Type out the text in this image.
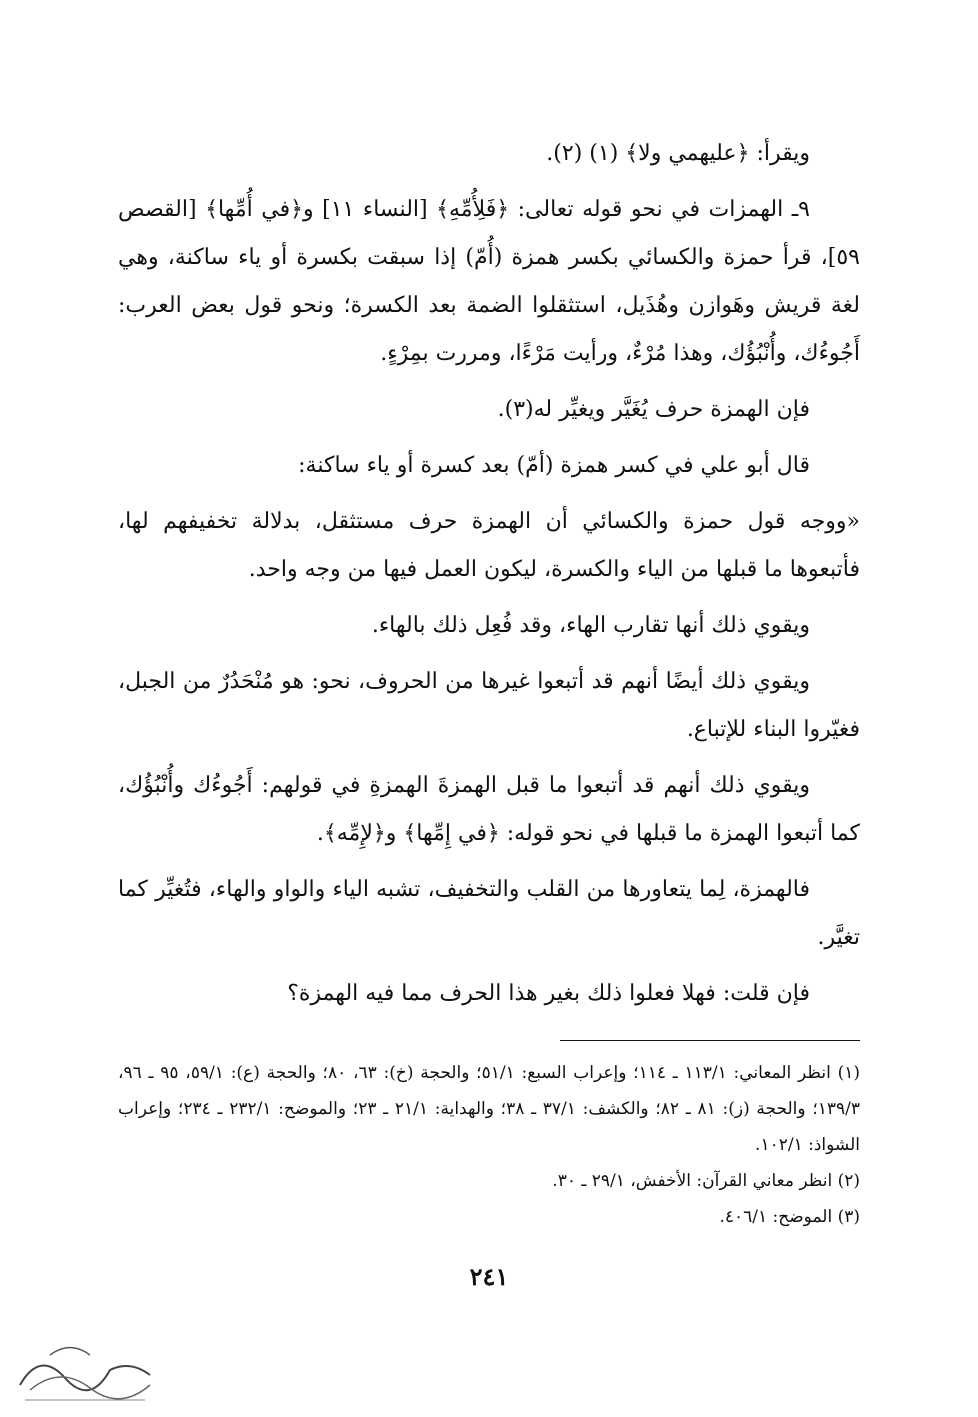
ويقرأ: ﴿عليهمي ولا﴾ (١) (٢).

٩ـ الهمزات في نحو قوله تعالى: ﴿فَلِأُمِّهِ﴾ [النساء ١١] و﴿في أُمِّها﴾ [القصص ٥٩]، قرأ حمزة والكسائي بكسر همزة (أُمّ) إذا سبقت بكسرة أو ياء ساكنة، وهي لغة قريش وهَوازن وهُذَيل، استثقلوا الضمة بعد الكسرة؛ ونحو قول بعض العرب: أَجُوءُك، وأُنْبُؤُك، وهذا مُرْءٌ، ورأيت مَرْءًا، ومررت بمِرْءٍ.

فإن الهمزة حرف يُغَيَّر ويغيِّر له(٣).

قال أبو علي في كسر همزة (أمّ) بعد كسرة أو ياء ساكنة:

«ووجه قول حمزة والكسائي أن الهمزة حرف مستثقل، بدلالة تخفيفهم لها، فأتبعوها ما قبلها من الياء والكسرة، ليكون العمل فيها من وجه واحد.

ويقوي ذلك أنها تقارب الهاء، وقد فُعِل ذلك بالهاء.

ويقوي ذلك أيضًا أنهم قد أتبعوا غيرها من الحروف، نحو: هو مُنْحَدُرٌ من الجبل، فغيّروا البناء للإتباع.

ويقوي ذلك أنهم قد أتبعوا ما قبل الهمزةَ الهمزةِ في قولهم: أَجُوءُك وأُنْبُؤُك، كما أتبعوا الهمزة ما قبلها في نحو قوله: ﴿في إِمِّها﴾ و﴿لإِمِّه﴾.

فالهمزة، لِما يتعاورها من القلب والتخفيف، تشبه الياء والواو والهاء، فتُغيِّر كما تغيَّر.

فإن قلت: فهلا فعلوا ذلك بغير هذا الحرف مما فيه الهمزة؟

(١) انظر المعاني: ١١٣/١ ـ ١١٤؛ وإعراب السبع: ٥١/١؛ والحجة (خ): ٦٣، ٨٠؛ والحجة (ع): ٥٩/١، ٩٥ ـ ٩٦، ١٣٩/٣؛ والحجة (ز): ٨١ ـ ٨٢؛ والكشف: ٣٧/١ ـ ٣٨؛ والهداية: ٢١/١ ـ ٢٣؛ والموضح: ٢٣٢/١ ـ ٢٣٤؛ وإعراب الشواذ: ١٠٢/١.

(٢) انظر معاني القرآن: الأخفش، ٢٩/١ ـ ٣٠.

(٣) الموضح: ٤٠٦/١.

٢٤١
